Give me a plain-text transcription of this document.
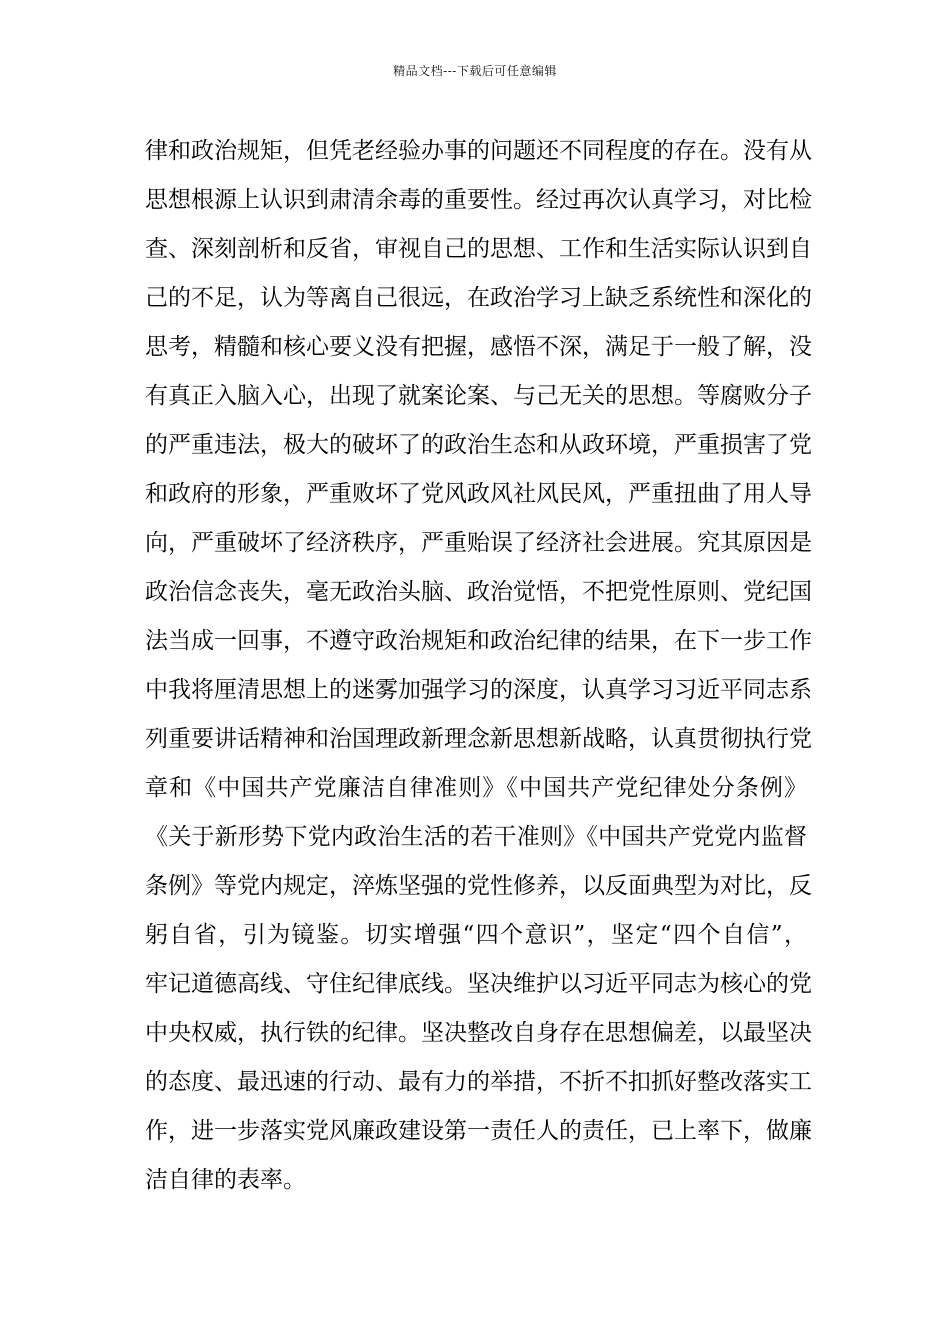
精品文档---下载后可任意编辑
律和政治规矩，但凭老经验办事的问题还不同程度的存在。没有从
思想根源上认识到肃清余毒的重要性。经过再次认真学习，对比检
查、深刻剖析和反省，审视自己的思想、工作和生活实际认识到自
己的不足，认为等离自己很远，在政治学习上缺乏系统性和深化的
思考，精髓和核心要义没有把握，感悟不深，满足于一般了解，没
有真正入脑入心，出现了就案论案、与己无关的思想。等腐败分子
的严重违法，极大的破坏了的政治生态和从政环境，严重损害了党
和政府的形象，严重败坏了党风政风社风民风，严重扭曲了用人导
向，严重破坏了经济秩序，严重贻误了经济社会进展。究其原因是
政治信念丧失，毫无政治头脑、政治觉悟，不把党性原则、党纪国
法当成一回事，不遵守政治规矩和政治纪律的结果，在下一步工作
中我将厘清思想上的迷雾加强学习的深度，认真学习习近平同志系
列重要讲话精神和治国理政新理念新思想新战略，认真贯彻执行党
章和《中国共产党廉洁自律准则》《中国共产党纪律处分条例》
《关于新形势下党内政治生活的若干准则》《中国共产党党内监督
条例》等党内规定，淬炼坚强的党性修养，以反面典型为对比，反
躬自省，引为镜鉴。切实增强“四个意识”，坚定“四个自信”，
牢记道德高线、守住纪律底线。坚决维护以习近平同志为核心的党
中央权威，执行铁的纪律。坚决整改自身存在思想偏差，以最坚决
的态度、最迅速的行动、最有力的举措，不折不扣抓好整改落实工
作，进一步落实党风廉政建设第一责任人的责任，已上率下，做廉
洁自律的表率。
